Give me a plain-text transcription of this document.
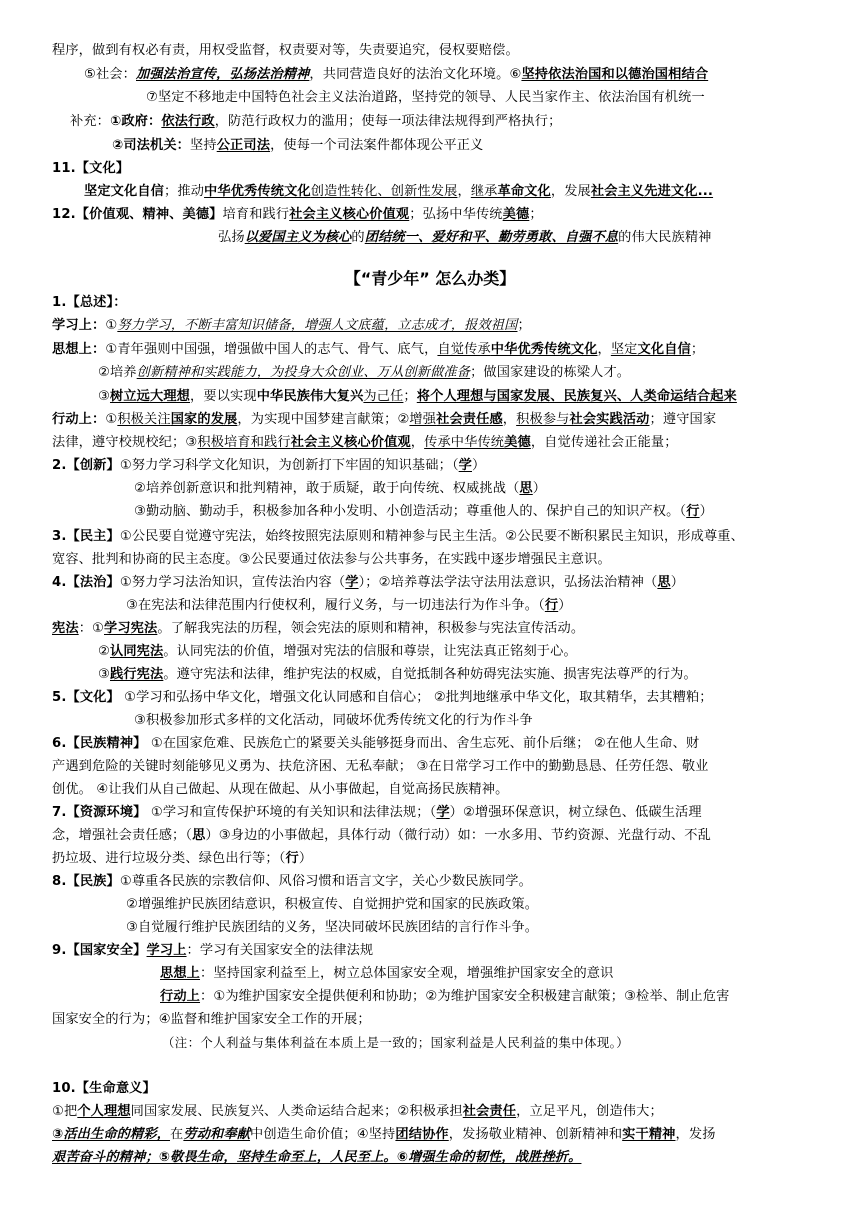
【“青少年” 怎么办类】
程序，做到有权必有责，用权受监督，权责要对等，失责要追究，侵权要赔偿。
⑤社会：加强法治宣传，弘扬法治精神，共同营造良好的法治文化环境。⑥坚持依法治国和以德治国相结合
⑦坚定不移地走中国特色社会主义法治道路，坚持党的领导、人民当家作主、依法治国有机统一
补充：①政府：依法行政，防范行政权力的滥用；使每一项法律法规得到严格执行；
②司法机关：坚持公正司法，使每一个司法案件都体现公平正义
11.【文化】
坚定文化自信；推动中华优秀传统文化创造性转化、创新性发展，继承革命文化，发展社会主义先进文化...
12.【价值观、精神、美德】培育和践行社会主义核心价值观；弘扬中华传统美德；
弘扬以爱国主义为核心的团结统一、爱好和平、勤劳勇敢、自强不息的伟大民族精神
1.【总述】：
学习上：①努力学习，不断丰富知识储备，增强人文底蕴，立志成才，报效祖国；
思想上：①青年强则中国强，增强做中国人的志气、骨气、底气，自觉传承中华优秀传统文化，坚定文化自信；
②培养创新精神和实践能力，为投身大众创业、万从创新做准备；做国家建设的栋梁人才。
③树立远大理想，要以实现中华民族伟大复兴为己任；将个人理想与国家发展、民族复兴、人类命运结合起来
行动上：①积极关注国家的发展，为实现中国梦建言献策；②增强社会责任感，积极参与社会实践活动；遵守国家
法律，遵守校规校纪；③积极培育和践行社会主义核心价值观，传承中华传统美德，自觉传递社会正能量；
2.【创新】①努力学习科学文化知识，为创新打下牢固的知识基础；（学）
②培养创新意识和批判精神，敢于质疑，敢于向传统、权威挑战（思）
③勤动脑、勤动手，积极参加各种小发明、小创造活动；尊重他人的、保护自己的知识产权。（行）
3.【民主】①公民要自觉遵守宪法，始终按照宪法原则和精神参与民主生活。②公民要不断积累民主知识，形成尊重、
宽容、批判和协商的民主态度。③公民要通过依法参与公共事务，在实践中逐步增强民主意识。
4.【法治】①努力学习法治知识，宣传法治内容（学）；②培养尊法学法守法用法意识，弘扬法治精神（思）
③在宪法和法律范围内行使权利，履行义务，与一切违法行为作斗争。（行）
宪法：①学习宪法。了解我宪法的历程，领会宪法的原则和精神，积极参与宪法宣传活动。
②认同宪法。认同宪法的价值，增强对宪法的信服和尊崇，让宪法真正铭刻于心。
③践行宪法。遵守宪法和法律，维护宪法的权威，自觉抵制各种妨碍宪法实施、损害宪法尊严的行为。
5.【文化】 ①学习和弘扬中华文化，增强文化认同感和自信心； ②批判地继承中华文化，取其精华，去其糟粕；
③积极参加形式多样的文化活动，同破坏优秀传统文化的行为作斗争
6.【民族精神】 ①在国家危难、民族危亡的紧要关头能够挺身而出、舍生忘死、前仆后继； ②在他人生命、财
产遇到危险的关键时刻能够见义勇为、扶危济困、无私奉献； ③在日常学习工作中的勤勤恳恳、任劳任怨、敬业
创优。 ④让我们从自己做起、从现在做起、从小事做起，自觉高扬民族精神。
7.【资源环境】 ①学习和宣传保护环境的有关知识和法律法规；（学）②增强环保意识，树立绿色、低碳生活理
念，增强社会责任感；（思）③身边的小事做起，具体行动（微行动）如：一水多用、节约资源、光盘行动、不乱
扔垃圾、进行垃圾分类、绿色出行等；（行）
8.【民族】①尊重各民族的宗教信仰、风俗习惯和语言文字，关心少数民族同学。
②增强维护民族团结意识，积极宣传、自觉拥护党和国家的民族政策。
③自觉履行维护民族团结的义务，坚决同破坏民族团结的言行作斗争。
9.【国家安全】学习上：学习有关国家安全的法律法规
思想上：坚持国家利益至上，树立总体国家安全观，增强维护国家安全的意识
行动上：①为维护国家安全提供便利和协助；②为维护国家安全积极建言献策；③检举、制止危害
国家安全的行为；④监督和维护国家安全工作的开展；
（注：个人利益与集体利益在本质上是一致的；国家利益是人民利益的集中体现。）
10.【生命意义】
①把个人理想同国家发展、民族复兴、人类命运结合起来；②积极承担社会责任，立足平凡，创造伟大；
③活出生命的精彩，在劳动和奉献中创造生命价值；④坚持团结协作，发扬敬业精神、创新精神和实干精神，发扬
艰苦奋斗的精神；⑤敬畏生命，坚持生命至上，人民至上。⑥增强生命的韧性，战胜挫折。
